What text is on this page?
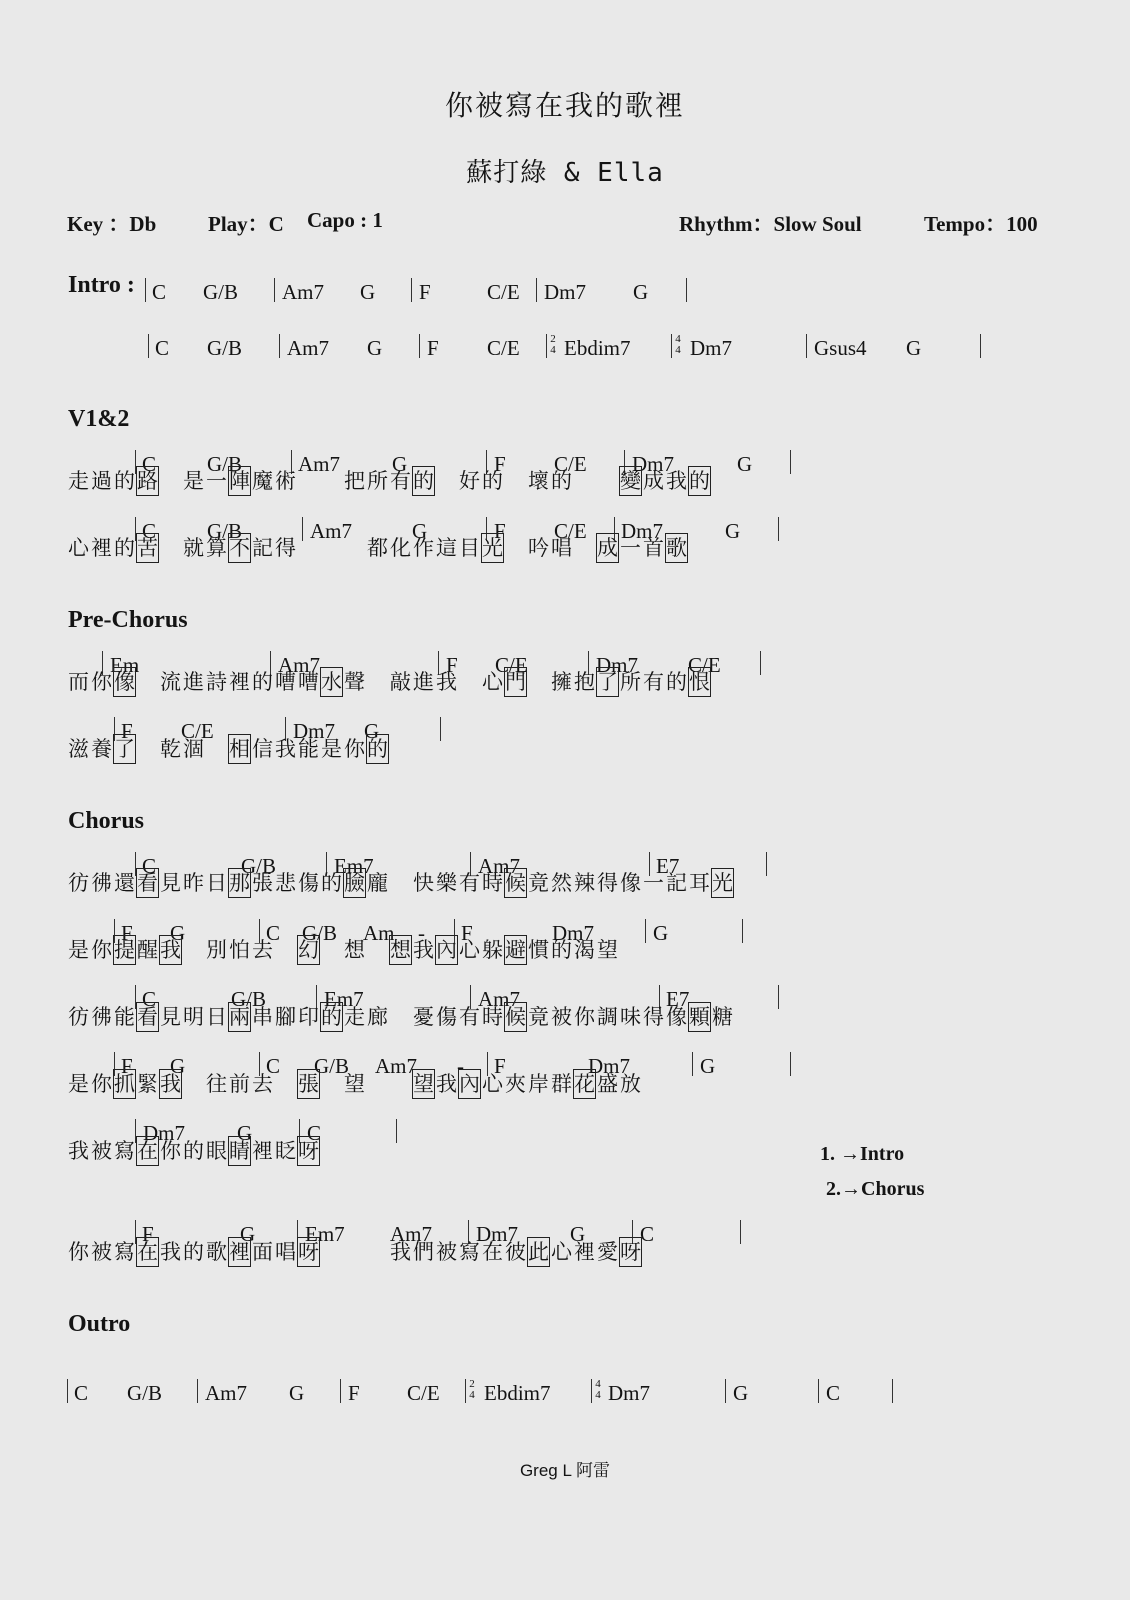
你被寫在我的歌裡
蘇打綠 & Ella
Key ：Db Play：C Capo : 1	Rhythm：Slow Soul	Tempo：100
Intro :
V1&2
Pre-Chorus
Chorus
Outro
C G/B Am7 G F	C/E Dm7 G
C G/B Am7 G F C/E	2
4 Ebdim7	4
4 Dm7	Gsus4 G
C G/B	Am7 G	F C/E Dm7	G
C G/B	Am7	G	F C/E Dm7	G
Em	Am7	F C/E	Dm7 C/E
F C/E	Dm7 G
C	G/B	Em7	Am7	E7
F G	C G/B Am - F	Dm7	G
C	G/B	Em7	Am7	E7
F G	C G/B Am7 - F	Dm7	G
Dm7 G	C
F	G Em7 Am7 Dm7 G	C
C G/B Am7 G F C/E	2
4 Ebdim7	4
4 Dm7	G	C
走過的路 是一陣魔術 把所有的 好的 壞的 變成我的
心裡的苦 就算不記得	都化作這目光 吟唱 成一首歌
而你像 流進詩裡的嘈嘈水聲 敲進我 心門 擁抱了所有的恨
滋養了 乾涸 相信我能是你的
彷彿還看見昨日那張悲傷的臉龐 快樂有時候竟然辣得像一記耳光
是你提醒我 別怕去 幻 想 想我內心躲避慣的渴望
彷彿能看見明日兩串腳印的走廊 憂傷有時候竟被你調味得像顆糖
是你抓緊我 往前去 張 望 望我內心夾岸群花盛放
我被寫在你的眼睛裡眨呀
你被寫在我的歌裡面唱呀	我們被寫在彼此心裡愛呀
1. →Intro
2.→Chorus
Greg L 阿雷
